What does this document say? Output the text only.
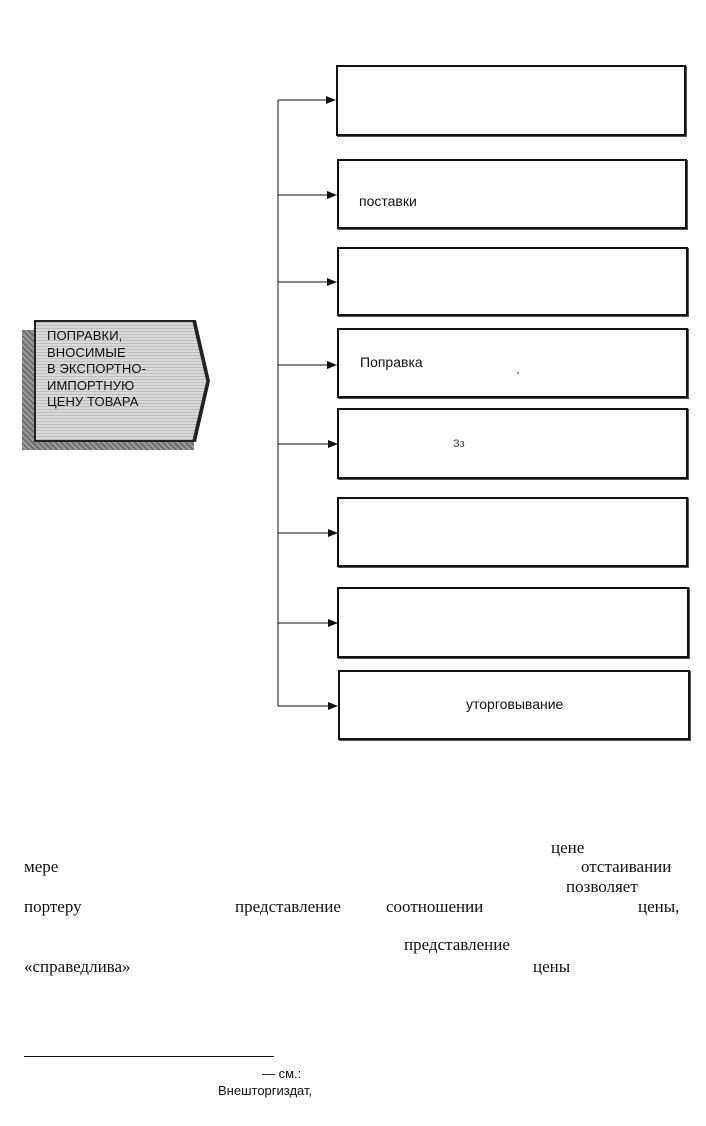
ПОПРАВКИ,
ВНОСИМЫЕ
В ЭКСПОРТНО-
ИМПОРТНУЮ
ЦЕНУ ТОВАРА
поставки
Поправка
Зз
уторговывание
цене
мере	отстаивании
позволяет
портеру	представление	соотношении	цены,
представление
«справедлива»	цены
— см.:
Внешторгиздат,
